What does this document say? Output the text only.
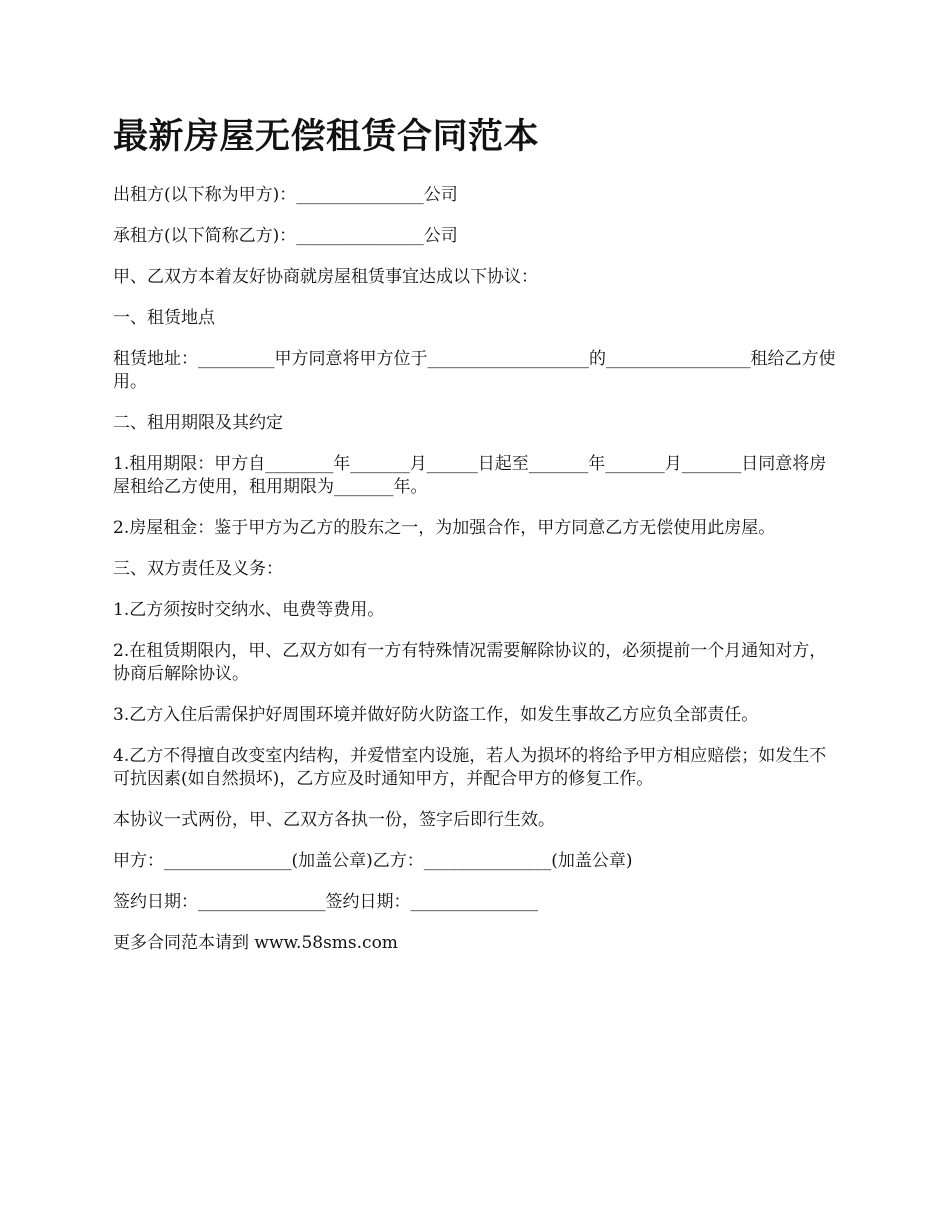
最新房屋无偿租赁合同范本

出租方(以下称为甲方)：_______________公司

承租方(以下简称乙方)：_______________公司

甲、乙双方本着友好协商就房屋租赁事宜达成以下协议：

一、租赁地点

租赁地址：_________甲方同意将甲方位于___________________的_________________租给乙方使用。

二、租用期限及其约定

1.租用期限：甲方自________年_______月______日起至_______年_______月_______日同意将房屋租给乙方使用，租用期限为_______年。

2.房屋租金：鉴于甲方为乙方的股东之一，为加强合作，甲方同意乙方无偿使用此房屋。

三、双方责任及义务：

1.乙方须按时交纳水、电费等费用。

2.在租赁期限内，甲、乙双方如有一方有特殊情况需要解除协议的，必须提前一个月通知对方，协商后解除协议。

3.乙方入住后需保护好周围环境并做好防火防盗工作，如发生事故乙方应负全部责任。

4.乙方不得擅自改变室内结构，并爱惜室内设施，若人为损坏的将给予甲方相应赔偿；如发生不可抗因素(如自然损坏)，乙方应及时通知甲方，并配合甲方的修复工作。

本协议一式两份，甲、乙双方各执一份，签字后即行生效。

甲方：_______________(加盖公章)乙方：_______________(加盖公章)

签约日期：_______________签约日期：_______________

更多合同范本请到 www.58sms.com
